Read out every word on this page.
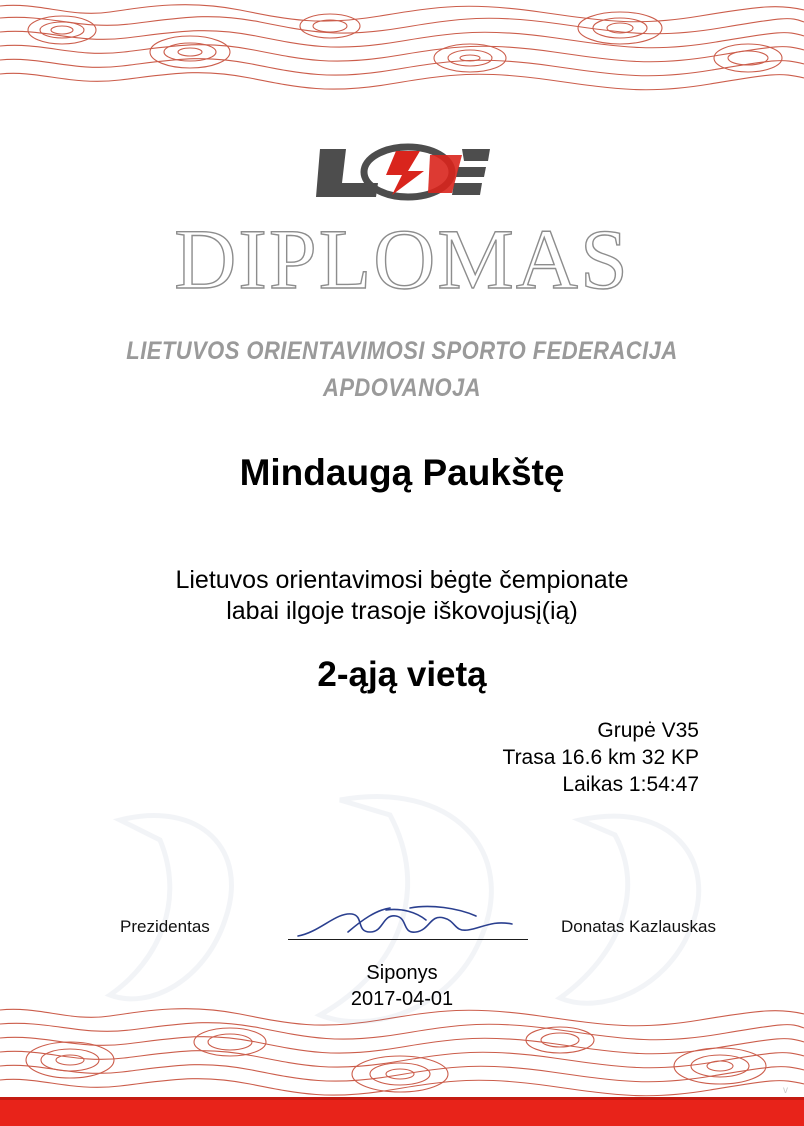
DIPLOMAS
LIETUVOS ORIENTAVIMOSI SPORTO FEDERACIJA
APDOVANOJA
Mindaugą Paukštę
Lietuvos orientavimosi bėgte čempionate
labai ilgoje trasoje iškovojusį(ią)
2-ąją vietą
Grupė V35
Trasa 16.6 km 32 KP
Laikas 1:54:47
Prezidentas	Donatas Kazlauskas
Siponys
2017-04-01
v
